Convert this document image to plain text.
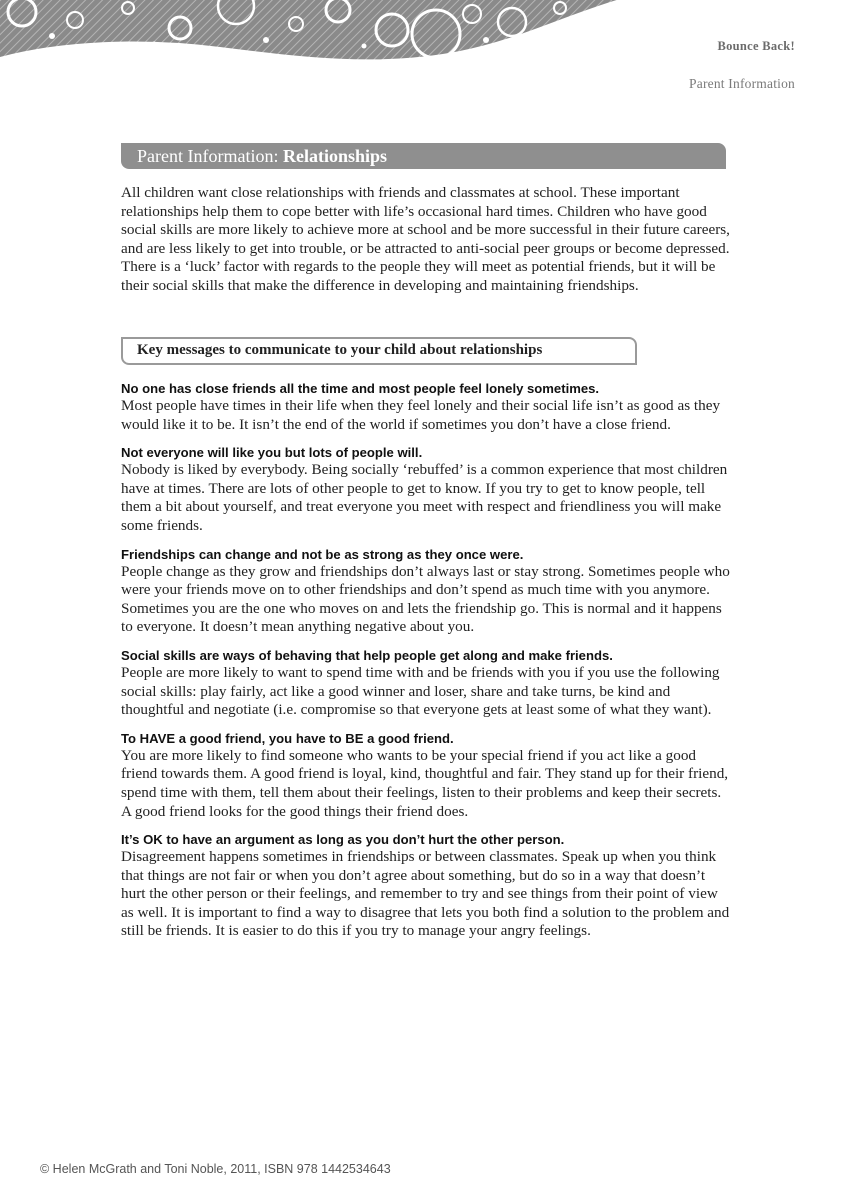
Bounce Back!
Parent Information
Parent Information: Relationships

All children want close relationships with friends and classmates at school. These important relationships help them to cope better with life’s occasional hard times. Children who have good social skills are more likely to achieve more at school and be more successful in their future careers, and are less likely to get into trouble, or be attracted to anti-social peer groups or become depressed. There is a ‘luck’ factor with regards to the people they will meet as potential friends, but it will be their social skills that make the difference in developing and maintaining friendships.

Key messages to communicate to your child about relationships
No one has close friends all the time and most people feel lonely sometimes.
Most people have times in their life when they feel lonely and their social life isn’t as good as they would like it to be. It isn’t the end of the world if sometimes you don’t have a close friend.
Not everyone will like you but lots of people will.
Nobody is liked by everybody. Being socially ‘rebuffed’ is a common experience that most children have at times. There are lots of other people to get to know. If you try to get to know people, tell them a bit about yourself, and treat everyone you meet with respect and friendliness you will make some friends.
Friendships can change and not be as strong as they once were.
People change as they grow and friendships don’t always last or stay strong. Sometimes people who were your friends move on to other friendships and don’t spend as much time with you anymore. Sometimes you are the one who moves on and lets the friendship go. This is normal and it happens to everyone. It doesn’t mean anything negative about you.
Social skills are ways of behaving that help people get along and make friends.
People are more likely to want to spend time with and be friends with you if you use the following social skills: play fairly, act like a good winner and loser, share and take turns, be kind and thoughtful and negotiate (i.e. compromise so that everyone gets at least some of what they want).
To HAVE a good friend, you have to BE a good friend.
You are more likely to find someone who wants to be your special friend if you act like a good friend towards them. A good friend is loyal, kind, thoughtful and fair. They stand up for their friend, spend time with them, tell them about their feelings, listen to their problems and keep their secrets. A good friend looks for the good things their friend does.
It’s OK to have an argument as long as you don’t hurt the other person.
Disagreement happens sometimes in friendships or between classmates. Speak up when you think that things are not fair or when you don’t agree about something, but do so in a way that doesn’t hurt the other person or their feelings, and remember to try and see things from their point of view as well. It is important to find a way to disagree that lets you both find a solution to the problem and still be friends. It is easier to do this if you try to manage your angry feelings.
© Helen McGrath and Toni Noble, 2011, ISBN 978 1442534643
